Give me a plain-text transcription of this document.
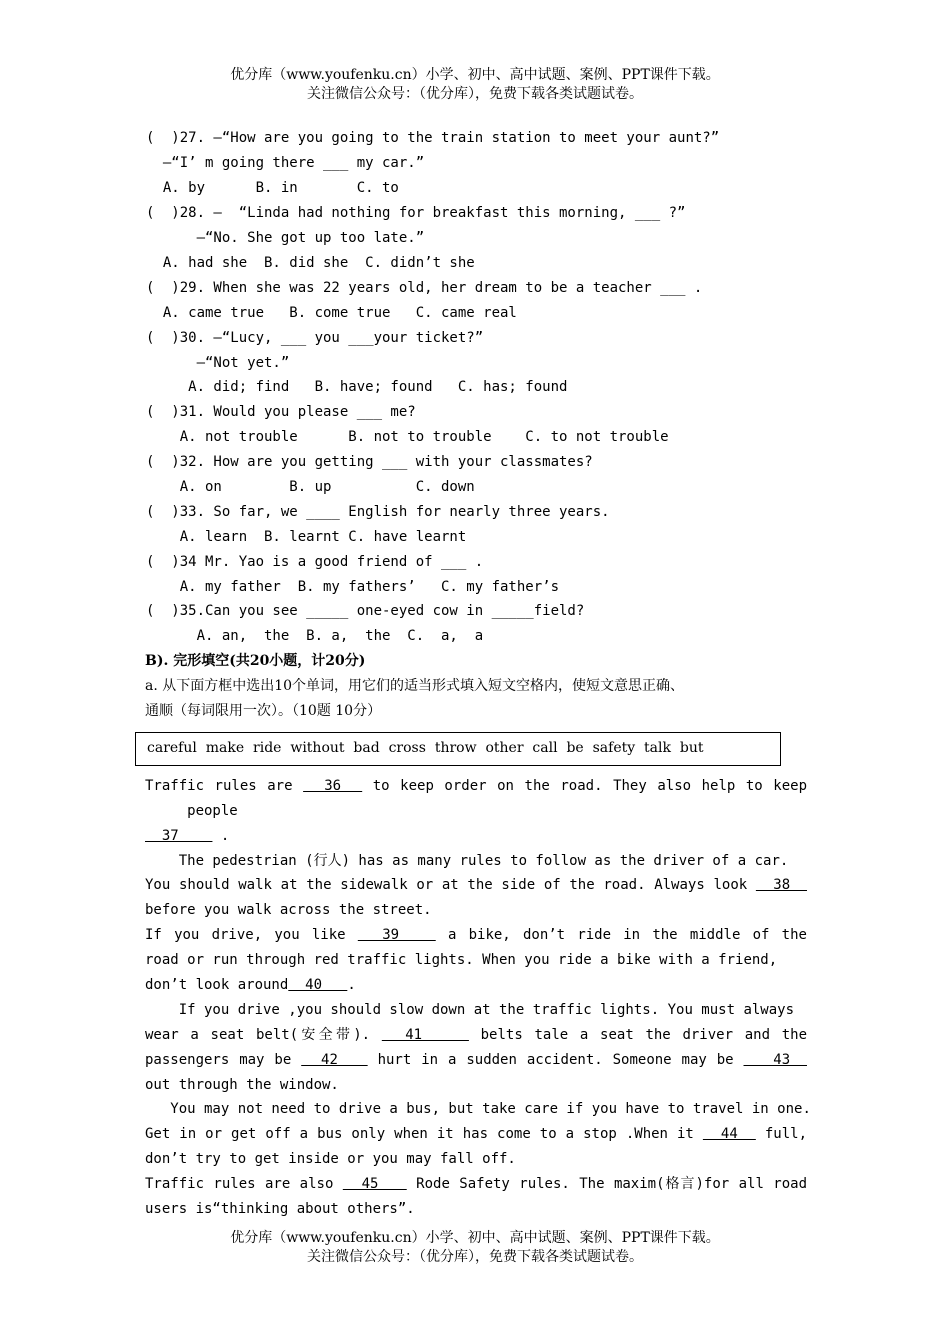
优分库（www.youfenku.cn）小学、初中、高中试题、案例、PPT课件下载。
关注微信公众号：（优分库），免费下载各类试题试卷。
(  )27. —“How are you going to the train station to meet your aunt?”
—“I’ m going there ___ my car.”
A. by      B. in       C. to
(  )28. —  “Linda had nothing for breakfast this morning, ___ ?”
—“No. She got up too late.”
A. had she  B. did she  C. didn’t she
(  )29. When she was 22 years old, her dream to be a teacher ___ .
A. came true   B. come true   C. came real
(  )30. —“Lucy, ___ you ___your ticket?”
—“Not yet.”
A. did; find   B. have; found   C. has; found
(  )31. Would you please ___ me?
A. not trouble      B. not to trouble    C. to not trouble
(  )32. How are you getting ___ with your classmates?
A. on        B. up          C. down
(  )33. So far, we ____ English for nearly three years.
A. learn  B. learnt C. have learnt
(  )34 Mr. Yao is a good friend of ___ .
A. my father  B. my fathers’   C. my father’s
(  )35.Can you see _____ one-eyed cow in _____field?
A. an,  the  B. a,  the  C.  a,  a
B). 完形填空(共20小题，计20分)
a. 从下面方框中选出10个单词，用它们的适当形式填入短文空格内，使短文意思正确、
通顺（每词限用一次）。（10题 10分）
careful  make  ride  without  bad  cross  throw  other  call  be  safety  talk  but
Traffic rules are   36   to keep order on the road. They also help to keep
people
37     .
The pedestrian (行人) has as many rules to follow as the driver of a car.
You should walk at the sidewalk or at the side of the road. Always look   38
before you walk across the street.
If you drive, you like   39    a bike, don’t ride in the middle of the
road or run through red traffic lights. When you ride a bike with a friend,
don’t look around  40   .
If you drive ,you should slow down at the traffic lights. You must always
wear a seat belt(安全带).   41     belts tale a seat the driver and the
passengers may be   42    hurt in a sudden accident. Someone may be    43
out through the window.
You may not need to drive a bus, but take care if you have to travel in one.
Get in or get off a bus only when it has come to a stop .When it   44   full,
don’t try to get inside or you may fall off.
Traffic rules are also   45    Rode Safety rules. The maxim(格言)for all road
users is“thinking about others”.
优分库（www.youfenku.cn）小学、初中、高中试题、案例、PPT课件下载。
关注微信公众号：（优分库），免费下载各类试题试卷。
